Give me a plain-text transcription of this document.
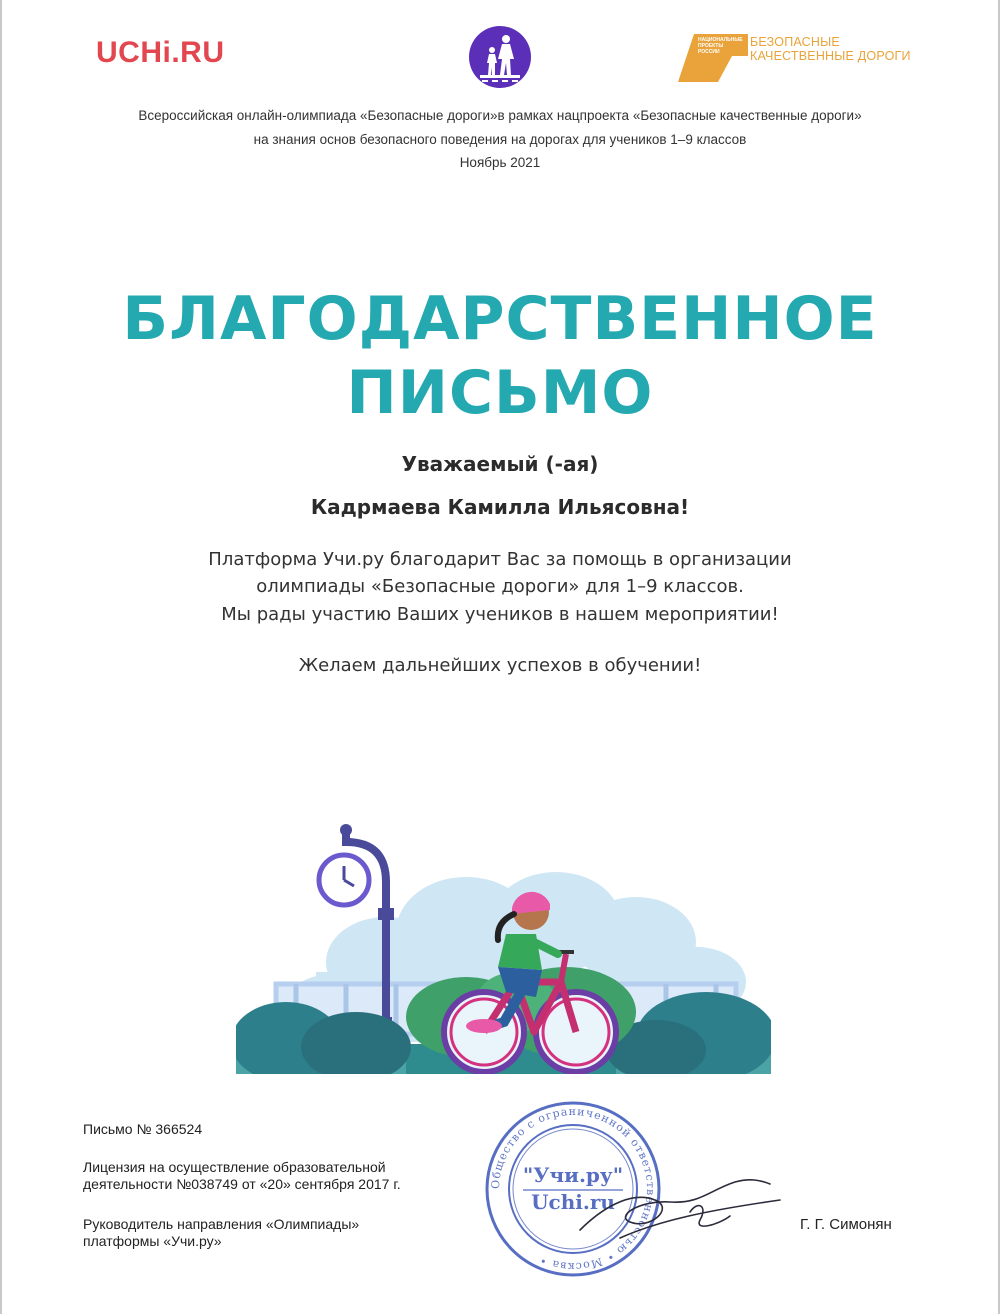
UCHi.RU	НАЦИОНАЛЬНЫЕ ПРОЕКТЫ РОССИИ
БЕЗОПАСНЫЕ
КАЧЕСТВЕННЫЕ ДОРОГИ
Всероссийская онлайн-олимпиада «Безопасные дороги»в рамках нацпроекта «Безопасные качественные дороги»
на знания основ безопасного поведения на дорогах для учеников 1–9 классов
Ноябрь 2021
БЛАГОДАРСТВЕННОЕ
ПИСЬМО
Уважаемый (-ая)
Кадрмаева Камилла Ильясовна!
Платформа Учи.ру благодарит Вас за помощь в организации
олимпиады «Безопасные дороги» для 1–9 классов.
Мы рады участию Ваших учеников в нашем мероприятии!
Желаем дальнейших успехов в обучении!
Письмо № 366524
Лицензия на осуществление образовательной
деятельности №038749 от «20» сентября 2017 г.
Руководитель направления «Олимпиады»
платформы «Учи.ру»
Г. Г. Симонян
Общество с ограниченной ответственностью • Москва •
"Учи.ру"
Uchi.ru
